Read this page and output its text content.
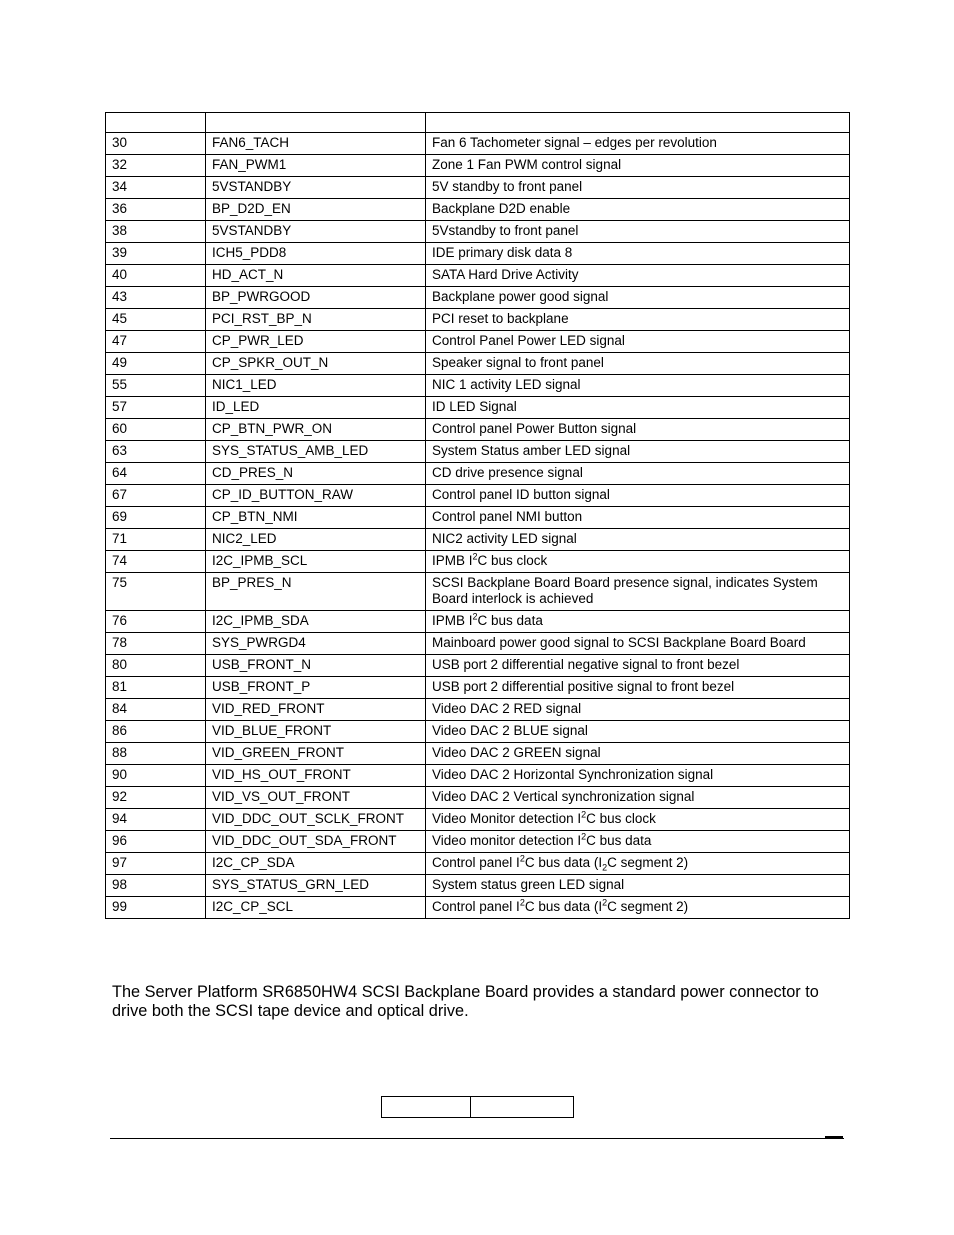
30	FAN6_TACH	Fan 6 Tachometer signal – edges per revolution
32	FAN_PWM1	Zone 1 Fan PWM control signal
34	5VSTANDBY	5V standby to front panel
36	BP_D2D_EN	Backplane D2D enable
38	5VSTANDBY	5Vstandby to front panel
39	ICH5_PDD8	IDE primary disk data 8
40	HD_ACT_N	SATA Hard Drive Activity
43	BP_PWRGOOD	Backplane power good signal
45	PCI_RST_BP_N	PCI reset to backplane
47	CP_PWR_LED	Control Panel Power LED signal
49	CP_SPKR_OUT_N	Speaker signal to front panel
55	NIC1_LED	NIC 1 activity LED signal
57	ID_LED	ID LED Signal
60	CP_BTN_PWR_ON	Control panel Power Button signal
63	SYS_STATUS_AMB_LED	System Status amber LED signal
64	CD_PRES_N	CD drive presence signal
67	CP_ID_BUTTON_RAW	Control panel ID button signal
69	CP_BTN_NMI	Control panel NMI button
71	NIC2_LED	NIC2 activity LED signal
74	I2C_IPMB_SCL	IPMB $I^2C$ bus clock
75	BP_PRES_N	SCSI Backplane Board Board presence signal, indicates System Board interlock is achieved
76	I2C_IPMB_SDA	IPMB $I^2C$ bus data
78	SYS_PWRGD4	Mainboard power good signal to SCSI Backplane Board Board
80	USB_FRONT_N	USB port 2 differential negative signal to front bezel
81	USB_FRONT_P	USB port 2 differential positive signal to front bezel
84	VID_RED_FRONT	Video DAC 2 RED signal
86	VID_BLUE_FRONT	Video DAC 2 BLUE signal
88	VID_GREEN_FRONT	Video DAC 2 GREEN signal
90	VID_HS_OUT_FRONT	Video DAC 2 Horizontal Synchronization signal
92	VID_VS_OUT_FRONT	Video DAC 2 Vertical synchronization signal
94	VID_DDC_OUT_SCLK_FRONT	Video Monitor detection $I^2C$ bus clock
96	VID_DDC_OUT_SDA_FRONT	Video monitor detection $I^2C$ bus data
97	I2C_CP_SDA	Control panel $I^2C$ bus data ($I_2C$ segment 2)
98	SYS_STATUS_GRN_LED	System status green LED signal
99	I2C_CP_SCL	Control panel $I^2C$ bus data ($I^2C$ segment 2)

The Server Platform SR6850HW4 SCSI Backplane Board provides a standard power connector to drive both the SCSI tape device and optical drive.
